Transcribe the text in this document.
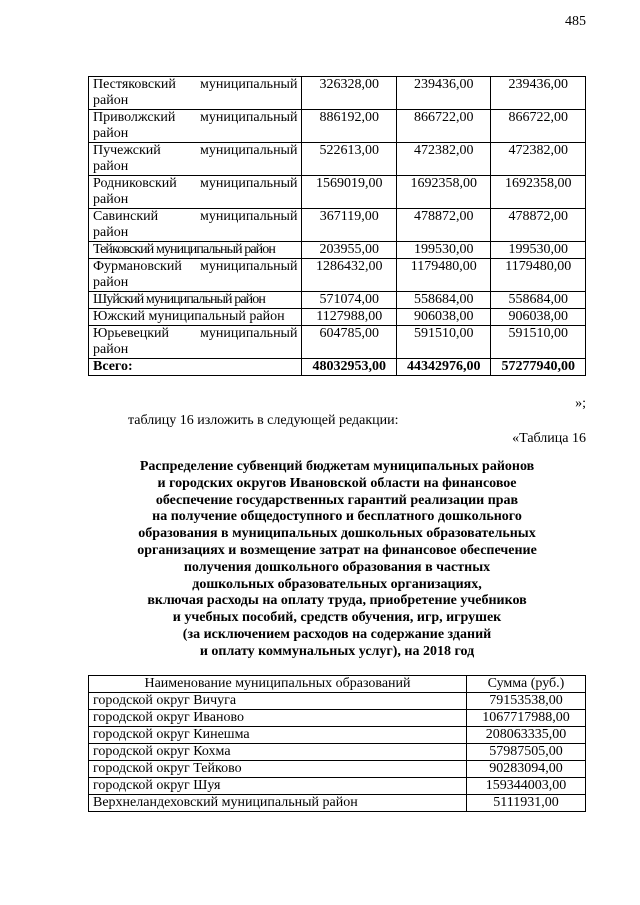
485
Пестяковский муниципальный район	326328,00	239436,00	239436,00
Приволжский муниципальный район	886192,00	866722,00	866722,00
Пучежский муниципальный район	522613,00	472382,00	472382,00
Родниковский муниципальный район	1569019,00	1692358,00	1692358,00
Савинский муниципальный район	367119,00	478872,00	478872,00
Тейковский муниципальный район	203955,00	199530,00	199530,00
Фурмановский муниципальный район	1286432,00	1179480,00	1179480,00
Шуйский муниципальный район	571074,00	558684,00	558684,00
Южский муниципальный район	1127988,00	906038,00	906038,00
Юрьевецкий муниципальный район	604785,00	591510,00	591510,00
Всего:	48032953,00	44342976,00	57277940,00
»;
таблицу 16 изложить в следующей редакции:
«Таблица 16
Распределение субвенций бюджетам муниципальных районов
и городских округов Ивановской области на финансовое
обеспечение государственных гарантий реализации прав
на получение общедоступного и бесплатного дошкольного
образования в муниципальных дошкольных образовательных
организациях и возмещение затрат на финансовое обеспечение
получения дошкольного образования в частных
дошкольных образовательных организациях,
включая расходы на оплату труда, приобретение учебников
и учебных пособий, средств обучения, игр, игрушек
(за исключением расходов на содержание зданий
и оплату коммунальных услуг), на 2018 год
Наименование муниципальных образований	Сумма (руб.)
городской округ Вичуга	79153538,00
городской округ Иваново	1067717988,00
городской округ Кинешма	208063335,00
городской округ Кохма	57987505,00
городской округ Тейково	90283094,00
городской округ Шуя	159344003,00
Верхнеландеховский муниципальный район	5111931,00
